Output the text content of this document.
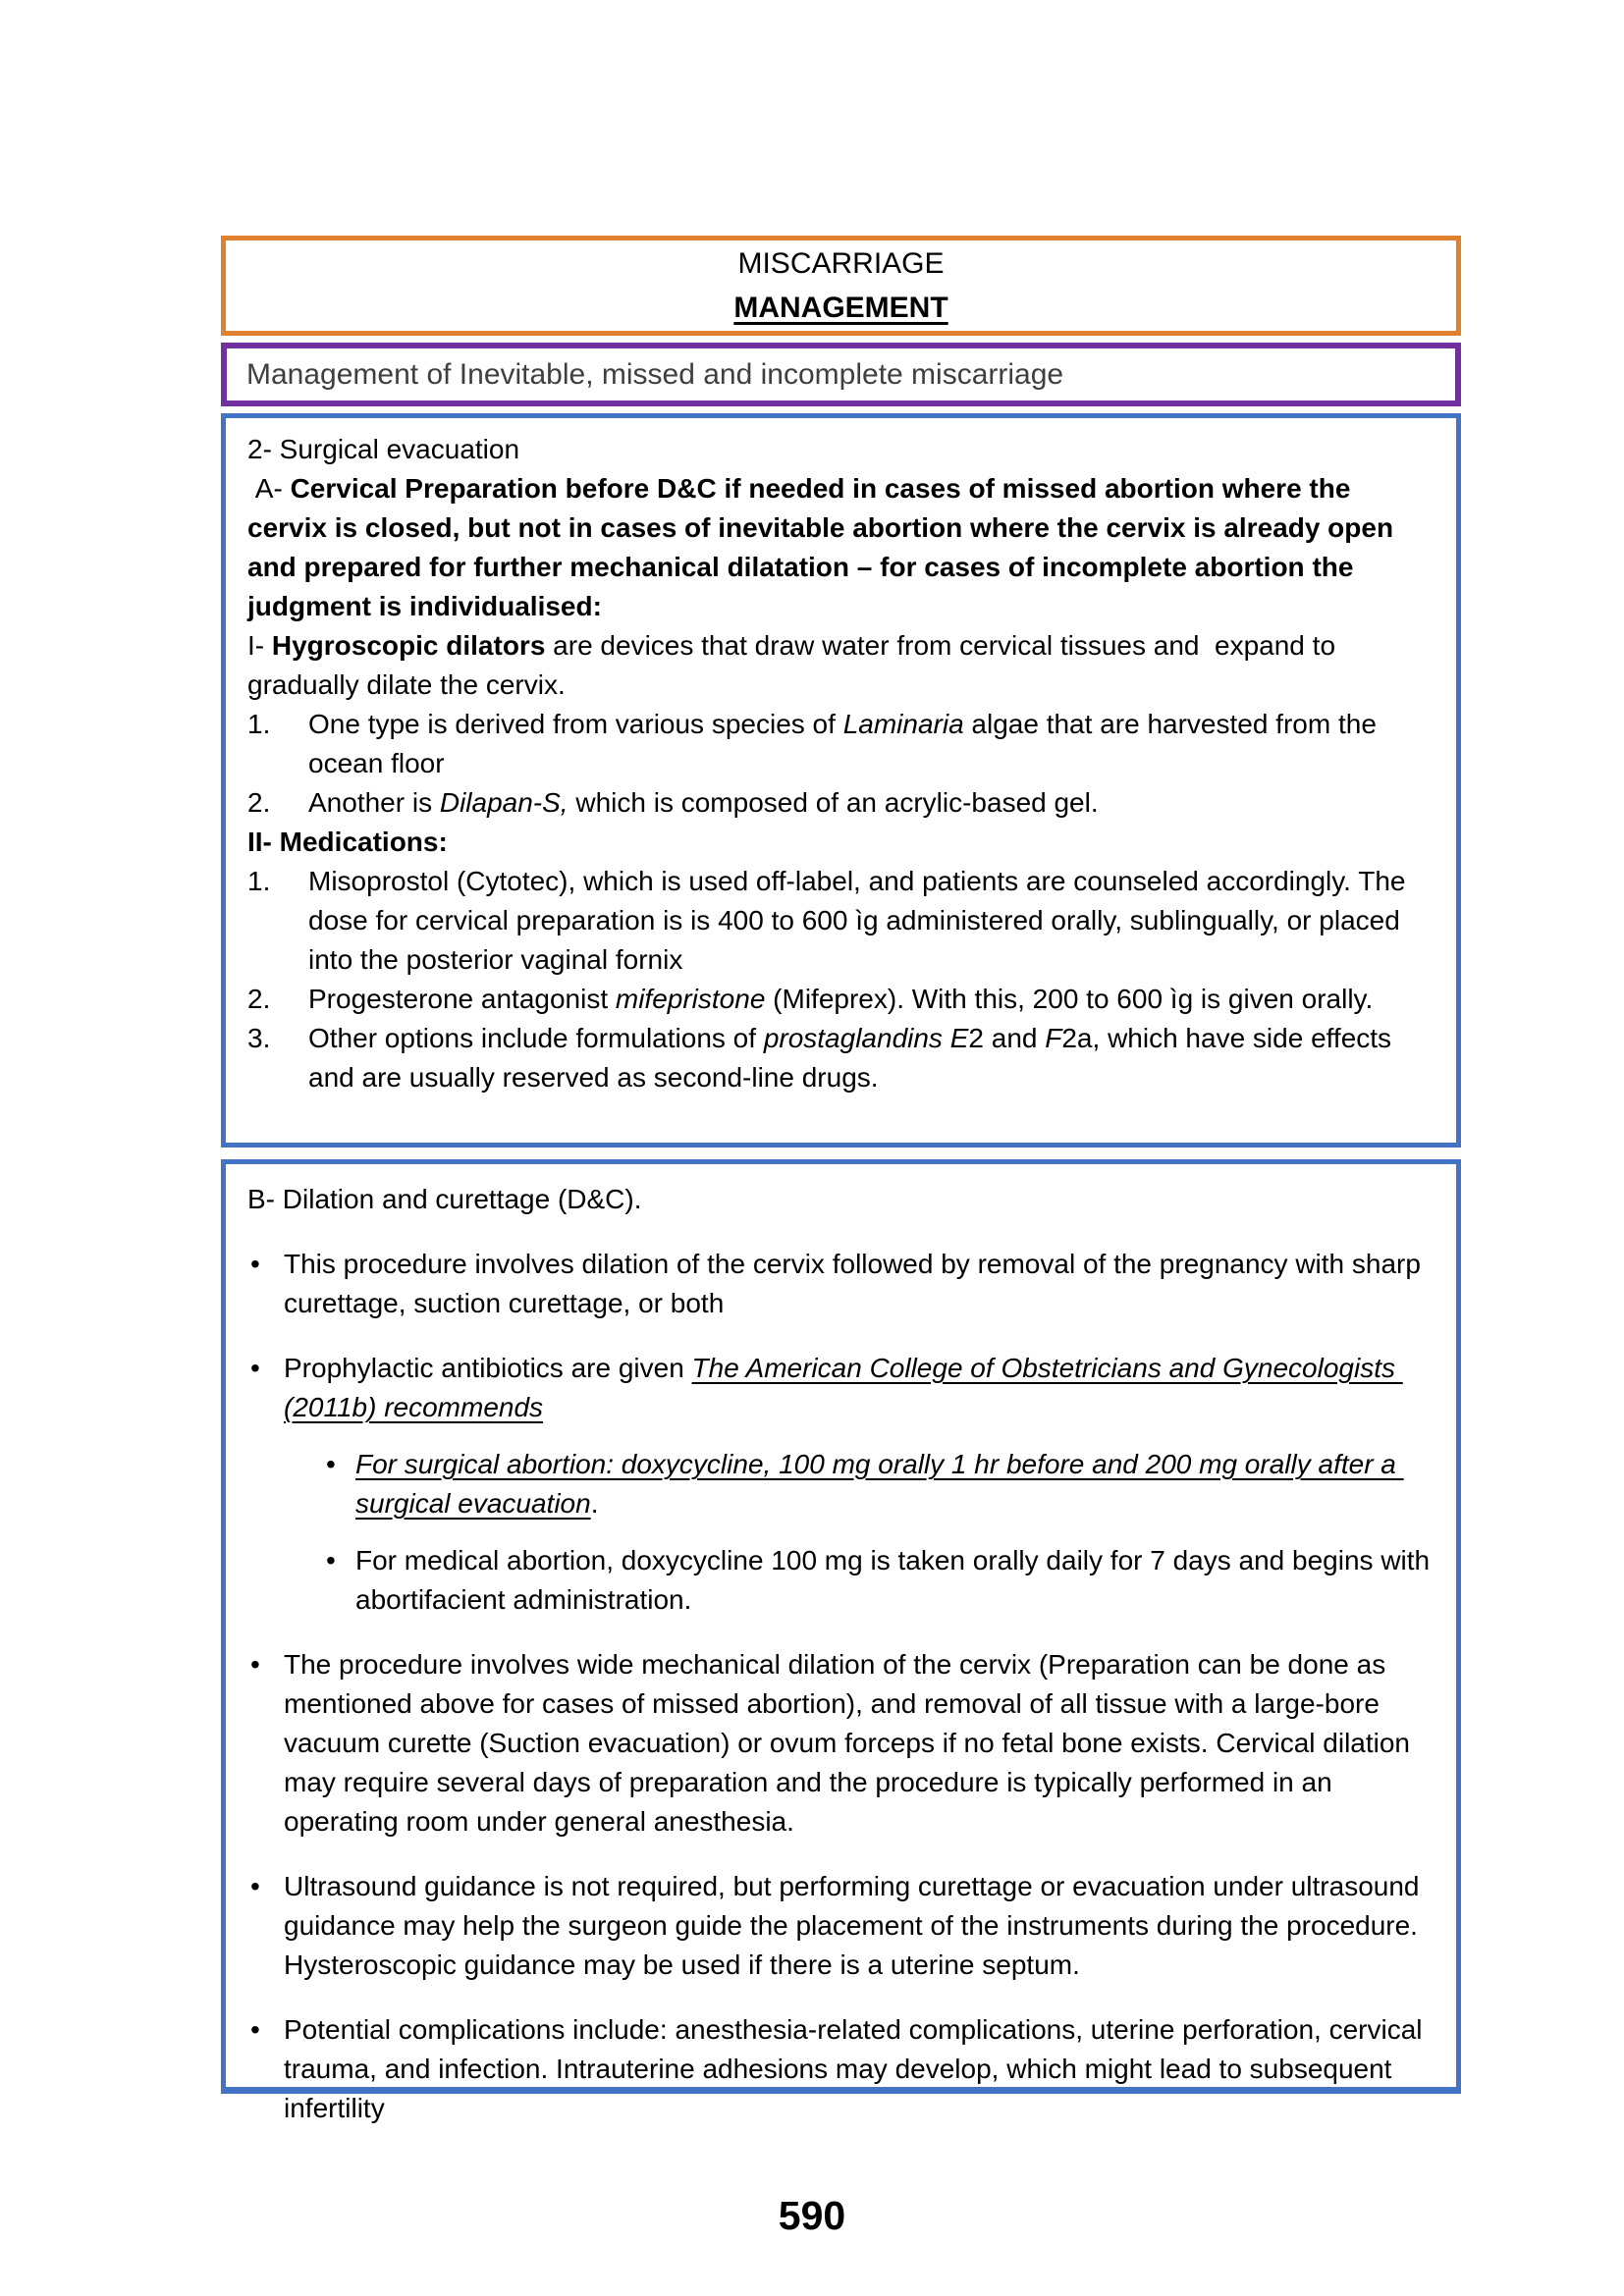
MISCARRIAGE
MANAGEMENT
Management of Inevitable, missed and incomplete miscarriage
2- Surgical evacuation
A- Cervical Preparation before D&C if needed in cases of missed abortion where the cervix is closed, but not in cases of inevitable abortion where the cervix is already open and prepared for further mechanical dilatation – for cases of incomplete abortion the judgment is individualised:
I- Hygroscopic dilators are devices that draw water from cervical tissues and  expand to gradually dilate the cervix.
1.	One type is derived from various species of Laminaria algae that are harvested from the ocean floor
2.	Another is Dilapan-S, which is composed of an acrylic-based gel.
II- Medications:
1.	Misoprostol (Cytotec), which is used off-label, and patients are counseled accordingly. The dose for cervical preparation is is 400 to 600 ìg administered orally, sublingually, or placed into the posterior vaginal fornix
2.	Progesterone antagonist mifepristone (Mifeprex). With this, 200 to 600 ìg is given orally.
3.	Other options include formulations of prostaglandins E2 and F2a, which have side effects and are usually reserved as second-line drugs.
B- Dilation and curettage (D&C).
• This procedure involves dilation of the cervix followed by removal of the pregnancy with sharp curettage, suction curettage, or both
• Prophylactic antibiotics are given The American College of Obstetricians and Gynecologists (2011b) recommends
• For surgical abortion: doxycycline, 100 mg orally 1 hr before and 200 mg orally after a surgical evacuation.
• For medical abortion, doxycycline 100 mg is taken orally daily for 7 days and begins with abortifacient administration.
• The procedure involves wide mechanical dilation of the cervix (Preparation can be done as mentioned above for cases of missed abortion), and removal of all tissue with a large-bore vacuum curette (Suction evacuation) or ovum forceps if no fetal bone exists. Cervical dilation may require several days of preparation and the procedure is typically performed in an operating room under general anesthesia.
• Ultrasound guidance is not required, but performing curettage or evacuation under ultrasound guidance may help the surgeon guide the placement of the instruments during the procedure. Hysteroscopic guidance may be used if there is a uterine septum.
• Potential complications include: anesthesia-related complications, uterine perforation, cervical trauma, and infection. Intrauterine adhesions may develop, which might lead to subsequent infertility
590
